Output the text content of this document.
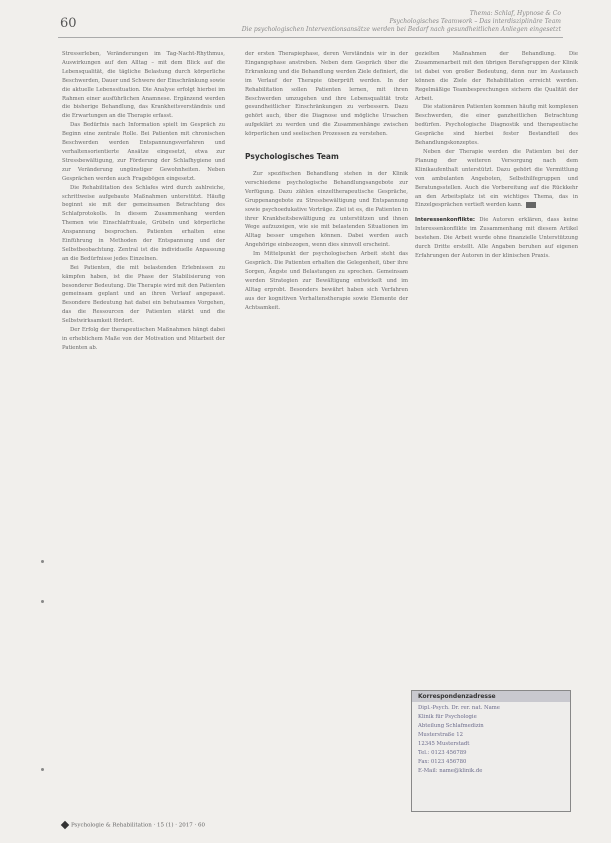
60
Thema: Schlaf, Hypnose & Co
Psychologisches Teamwork – Das interdisziplinäre Team
Die psychologischen Interventionsansätze werden bei Bedarf nach gesundheitlichen Anliegen eingesetzt

Stresserleben, Veränderungen im Tag-Nacht-Rhythmus, Auswirkungen auf den Alltag – mit dem Blick auf die Lebensqualität, die tägliche Belastung durch körperliche Beschwerden, Dauer und Schwere der Einschränkung sowie die aktuelle Lebenssituation. Die Analyse erfolgt hierbei im Rahmen einer ausführlichen Anamnese. Ergänzend werden die bisherige Behandlung, das Krankheitsverständnis und die Erwartungen an die Therapie erfasst.

Das Bedürfnis nach Information spielt im Gespräch zu Beginn eine zentrale Rolle. Bei Patienten mit chronischen Beschwerden werden Entspannungsverfahren und verhaltensorientierte Ansätze eingesetzt, etwa zur Stressbewältigung, zur Förderung der Schlafhygiene und zur Veränderung ungünstiger Gewohnheiten. Neben Gesprächen werden auch Fragebögen eingesetzt.

Die Rehabilitation des Schlafes wird durch zahlreiche, schrittweise aufgebaute Maßnahmen unterstützt. Häufig beginnt sie mit der gemeinsamen Betrachtung des Schlafprotokolls. In diesem Zusammenhang werden Themen wie Einschlafrituale, Grübeln und körperliche Anspannung besprochen. Patienten erhalten eine Einführung in Methoden der Entspannung und der Selbstbeobachtung. Zentral ist die individuelle Anpassung an die Bedürfnisse jedes Einzelnen.

Bei Patienten, die mit belastenden Erlebnissen zu kämpfen haben, ist die Phase der Stabilisierung von besonderer Bedeutung. Die Therapie wird mit den Patienten gemeinsam geplant und an ihren Verlauf angepasst. Besondere Bedeutung hat dabei ein behutsames Vorgehen, das die Ressourcen der Patienten stärkt und die Selbstwirksamkeit fördert.

Der Erfolg der therapeutischen Maßnahmen hängt dabei in erheblichem Maße von der Motivation und Mitarbeit der Patienten ab.

der ersten Therapiephase, deren Verständnis wir in der Eingangsphase anstreben. Neben dem Gespräch über die Erkrankung und die Behandlung werden Ziele definiert, die im Verlauf der Therapie überprüft werden. In der Rehabilitation sollen Patienten lernen, mit ihren Beschwerden umzugehen und ihre Lebensqualität trotz gesundheitlicher Einschränkungen zu verbessern. Dazu gehört auch, über die Diagnose und mögliche Ursachen aufgeklärt zu werden und die Zusammenhänge zwischen körperlichen und seelischen Prozessen zu verstehen.

Psychologisches Team

Zur spezifischen Behandlung stehen in der Klinik verschiedene psychologische Behandlungsangebote zur Verfügung. Dazu zählen einzeltherapeutische Gespräche, Gruppenangebote zu Stressbewältigung und Entspannung sowie psychoedukative Vorträge. Ziel ist es, die Patienten in ihrer Krankheitsbewältigung zu unterstützen und ihnen Wege aufzuzeigen, wie sie mit belastenden Situationen im Alltag besser umgehen können. Dabei werden auch Angehörige einbezogen, wenn dies sinnvoll erscheint.

Im Mittelpunkt der psychologischen Arbeit steht das Gespräch. Die Patienten erhalten die Gelegenheit, über ihre Sorgen, Ängste und Belastungen zu sprechen. Gemeinsam werden Strategien zur Bewältigung entwickelt und im Alltag erprobt. Besonders bewährt haben sich Verfahren aus der kognitiven Verhaltenstherapie sowie Elemente der Achtsamkeit.

gezielten Maßnahmen der Behandlung. Die Zusammenarbeit mit den übrigen Berufsgruppen der Klinik ist dabei von großer Bedeutung, denn nur im Austausch können die Ziele der Rehabilitation erreicht werden. Regelmäßige Teambesprechungen sichern die Qualität der Arbeit.

Die stationären Patienten kommen häufig mit komplexen Beschwerden, die einer ganzheitlichen Betrachtung bedürfen. Psychologische Diagnostik und therapeutische Gespräche sind hierbei fester Bestandteil des Behandlungskonzeptes.

Neben der Therapie werden die Patienten bei der Planung der weiteren Versorgung nach dem Klinikaufenthalt unterstützt. Dazu gehört die Vermittlung von ambulanten Angeboten, Selbsthilfegruppen und Beratungsstellen. Auch die Vorbereitung auf die Rückkehr an den Arbeitsplatz ist ein wichtiges Thema, das in Einzelgesprächen vertieft werden kann.

Interessenkonflikte: Die Autoren erklären, dass keine Interessenkonflikte im Zusammenhang mit diesem Artikel bestehen. Die Arbeit wurde ohne finanzielle Unterstützung durch Dritte erstellt. Alle Angaben beruhen auf eigenen Erfahrungen der Autoren in der klinischen Praxis.

Korrespondenzadresse
Dipl.-Psych. Dr. rer. nat. Name
Klinik für Psychologie
Abteilung Schlafmedizin
Musterstraße 12
12345 Musterstadt
Tel.: 0123 456789
Fax: 0123 456780
E-Mail: name@klinik.de
Psychologie & Rehabilitation · 15 (1) · 2017 · 60
